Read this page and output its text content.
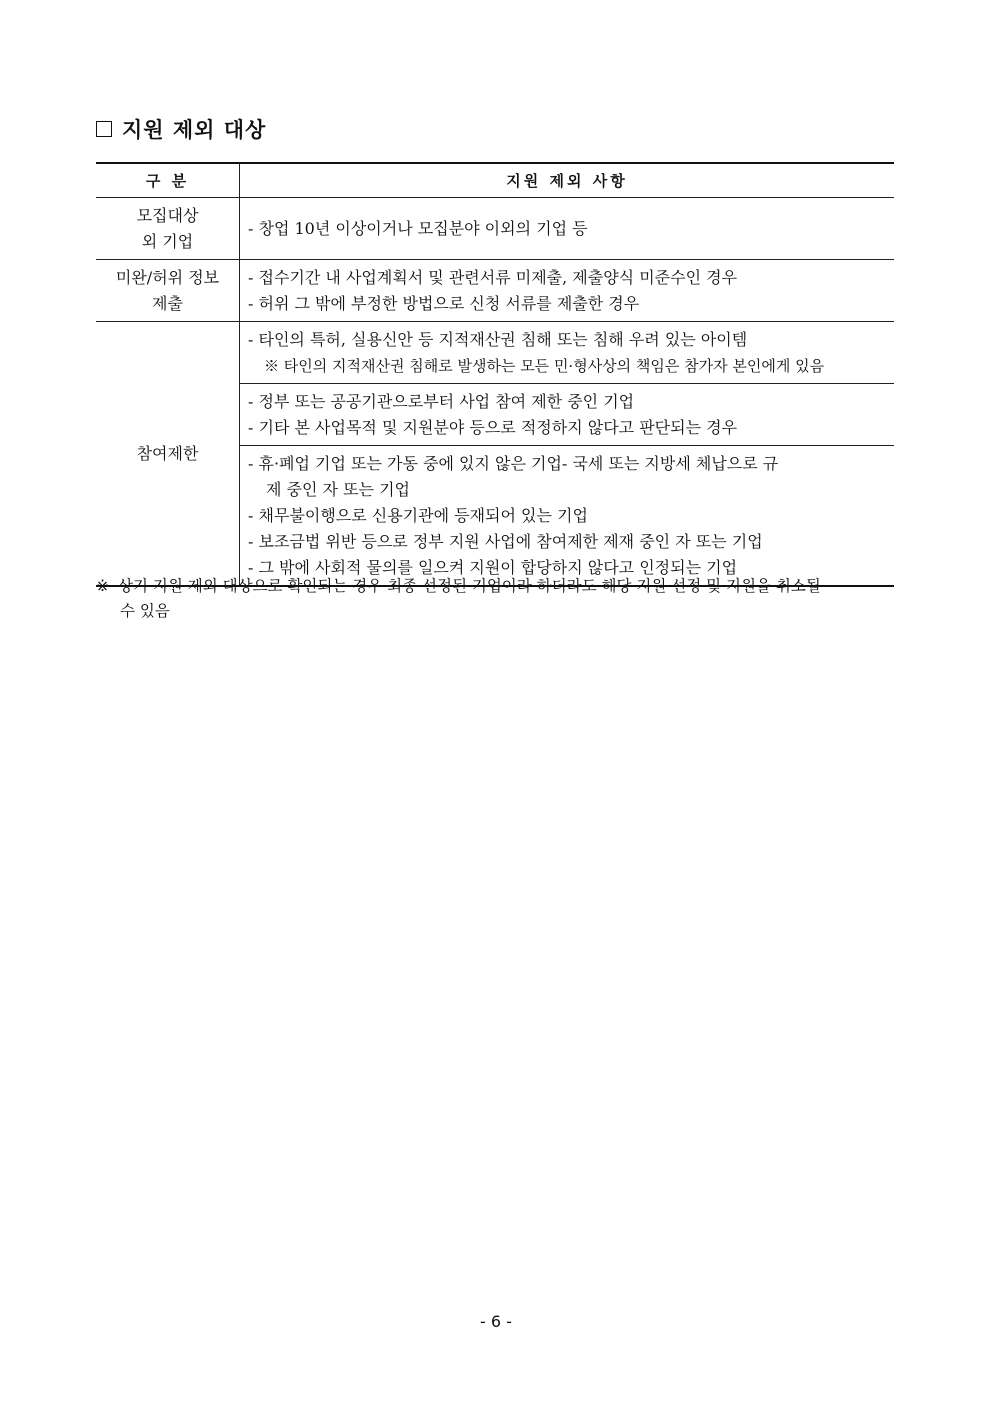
지원 제외 대상
구 분	지원 제외 사항

모집대상
외 기업	- 창업 10년 이상이거나 모집분야 이외의 기업 등

미완/허위 정보
제출	- 접수기간 내 사업계획서 및 관련서류 미제출, 제출양식 미준수인 경우
- 허위 그 밖에 부정한 방법으로 신청 서류를 제출한 경우

참여제한	- 타인의 특허, 실용신안 등 지적재산권 침해 또는 침해 우려 있는 아이템
※ 타인의 지적재산권 침해로 발생하는 모든 민·형사상의 책임은 참가자 본인에게 있음

	- 정부 또는 공공기관으로부터 사업 참여 제한 중인 기업
- 기타 본 사업목적 및 지원분야 등으로 적정하지 않다고 판단되는 경우

	- 휴·폐업 기업 또는 가동 중에 있지 않은 기업- 국세 또는 지방세 체납으로 규
제 중인 자 또는 기업
- 채무불이행으로 신용기관에 등재되어 있는 기업
- 보조금법 위반 등으로 정부 지원 사업에 참여제한 제재 중인 자 또는 기업
- 그 밖에 사회적 물의를 일으켜 지원이 합당하지 않다고 인정되는 기업
※ 상기 지원 제외 대상으로 확인되는 경우 최종 선정된 기업이라 하더라도 해당 지원 선정 및 지원을 취소될
수 있음
- 6 -
